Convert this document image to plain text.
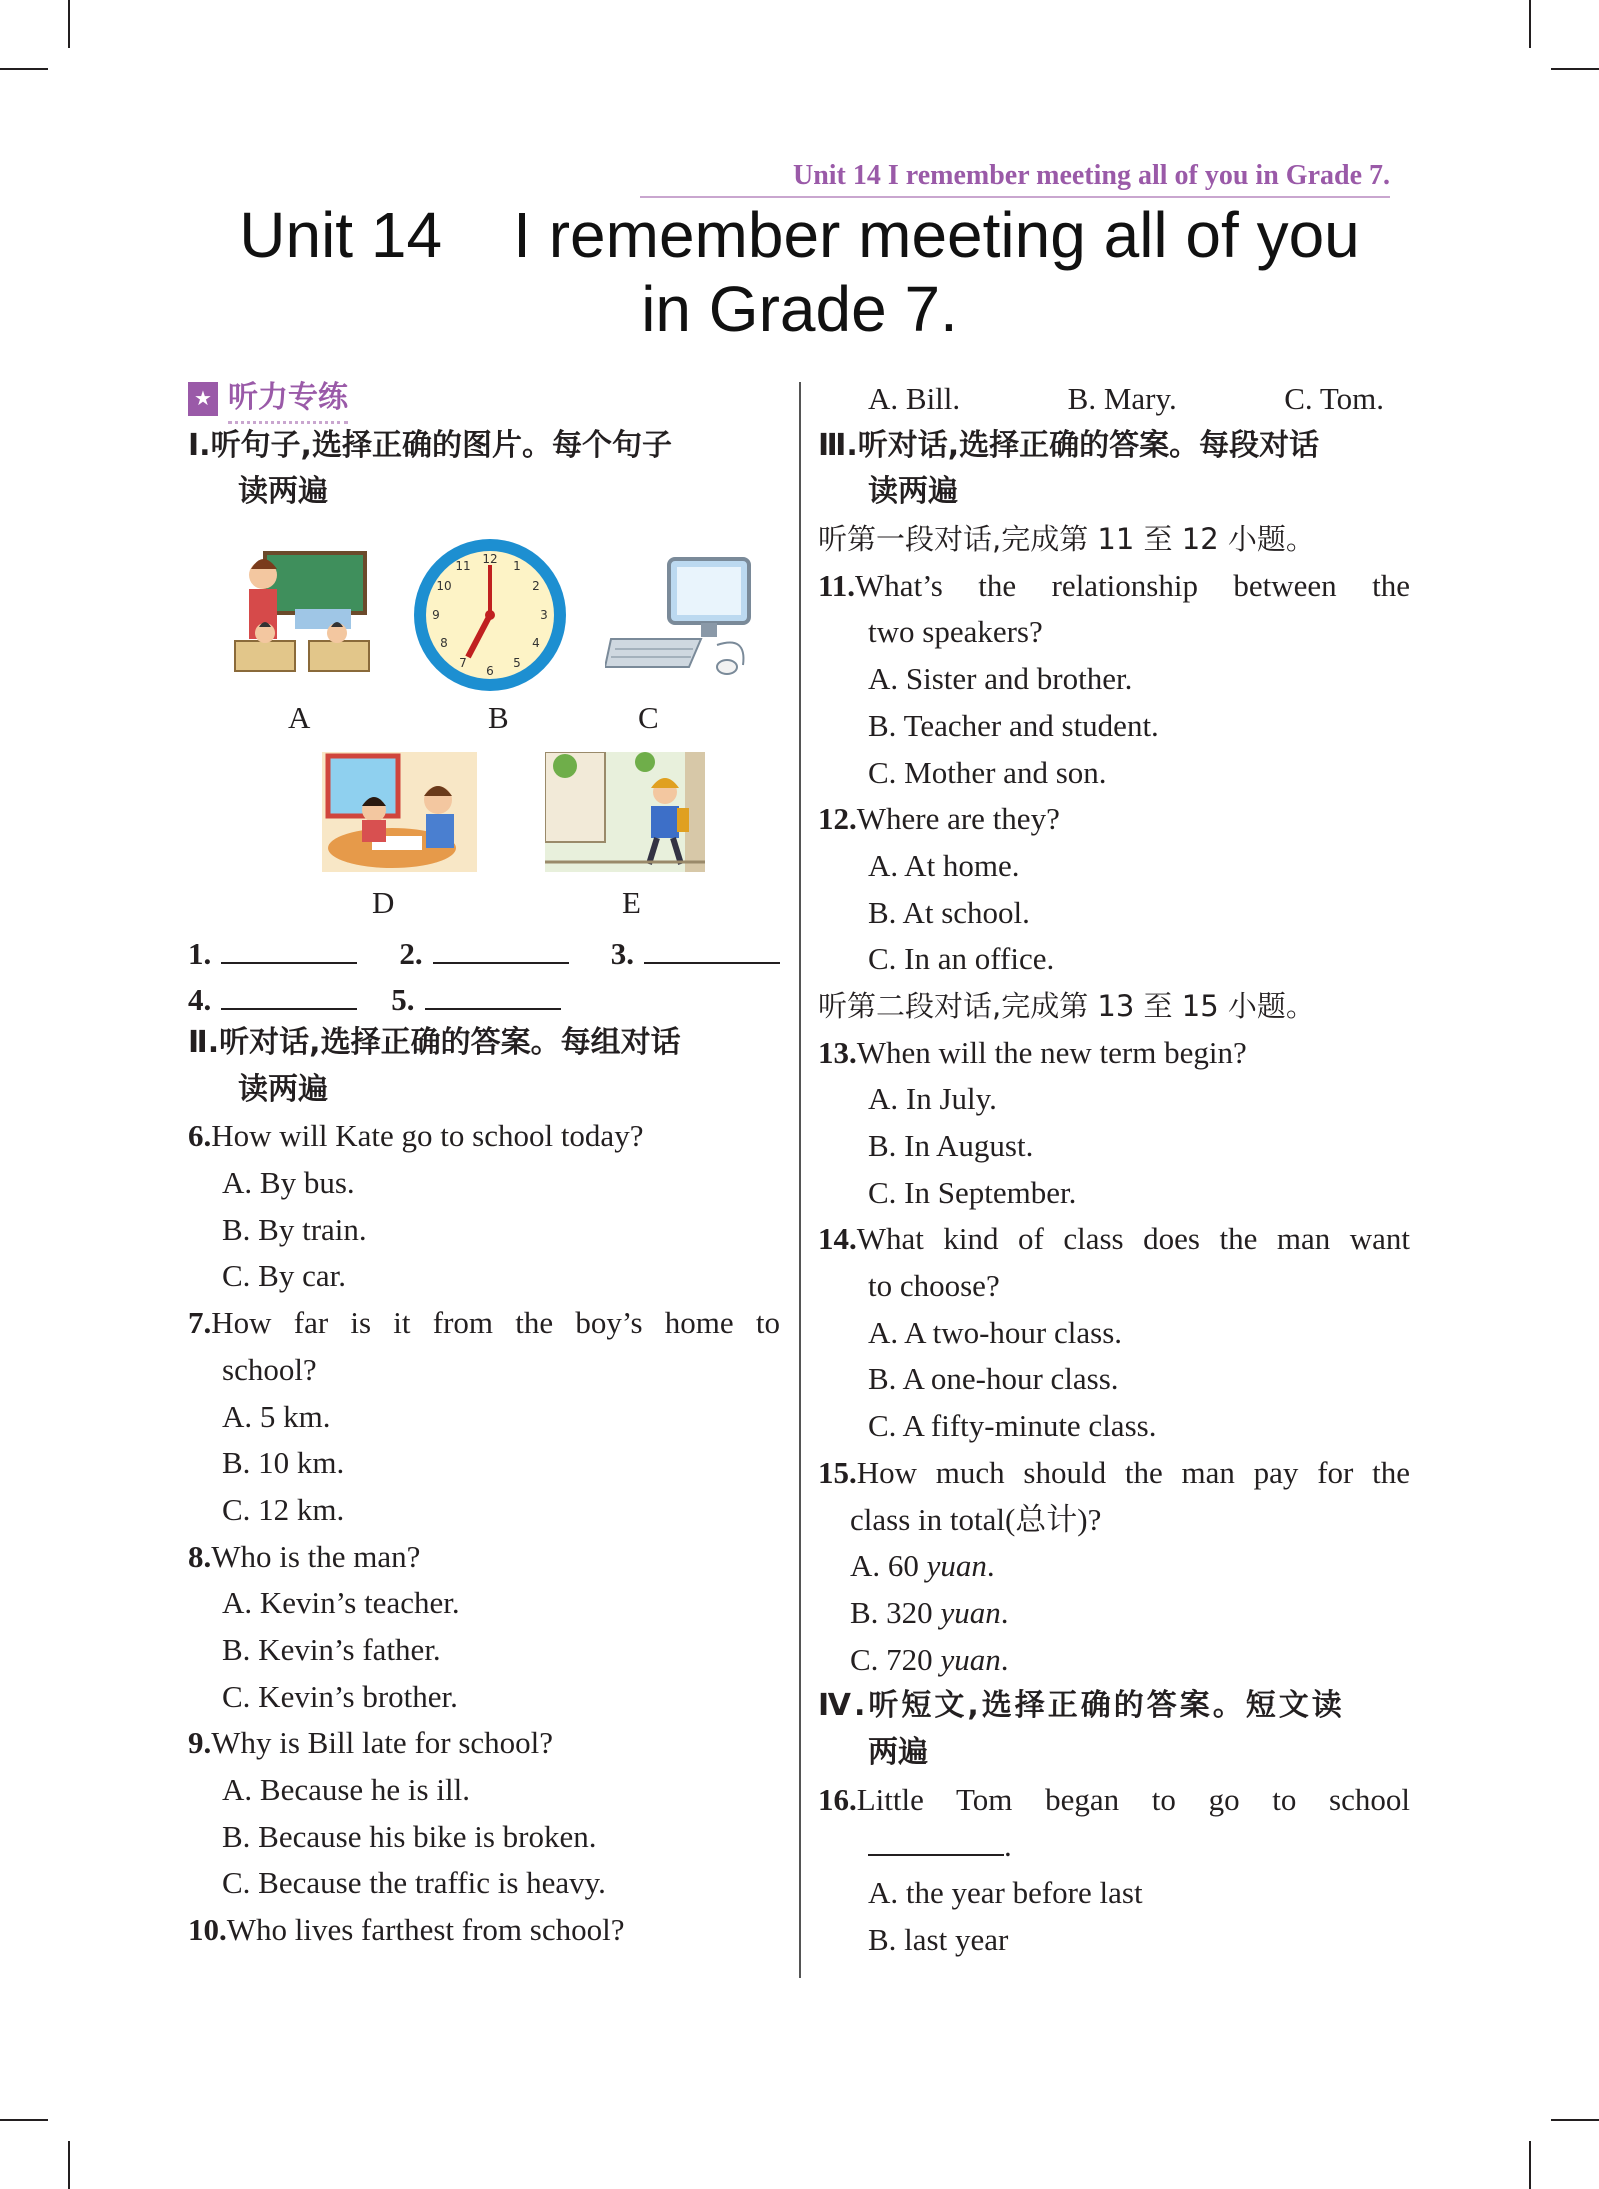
Unit 14 I remember meeting all of you in Grade 7.
Unit 14    I remember meeting all of you
in Grade 7.
★ 听力专练
Ⅰ.听句子,选择正确的图片。每个句子
读两遍
12 1
2
3
4
5
6
7
8
9
10
11
A	B	C
D	E
1.	2.	3.
4.	5.
Ⅱ.听对话,选择正确的答案。每组对话
读两遍
6.How will Kate go to school today?
A. By bus.
B. By train.
C. By car.
7. How far is it from the boy’s home to
school?
A. 5 km.
B. 10 km.
C. 12 km.
8.Who is the man?
A. Kevin’s teacher.
B. Kevin’s father.
C. Kevin’s brother.
9.Why is Bill late for school?
A. Because he is ill.
B. Because his bike is broken.
C. Because the traffic is heavy.
10.Who lives farthest from school?
A. Bill.	B. Mary.	C. Tom.
Ⅲ.听对话,选择正确的答案。每段对话
读两遍
听第一段对话,完成第 11 至 12 小题。
11. What’s the relationship between the
two speakers?
A. Sister and brother.
B. Teacher and student.
C. Mother and son.
12.Where are they?
A. At home.
B. At school.
C. In an office.
听第二段对话,完成第 13 至 15 小题。
13.When will the new term begin?
A. In July.
B. In August.
C. In September.
14. What kind of class does the man want
to choose?
A. A two-hour class.
B. A one-hour class.
C. A fifty-minute class.
15. How much should the man pay for the
class in total(总计)?
A. 60 yuan.
B. 320 yuan.
C. 720 yuan.
Ⅳ.听短文,选择正确的答案。短文读
两遍
16. Little Tom began to go to school
.
A. the year before last
B. last year
